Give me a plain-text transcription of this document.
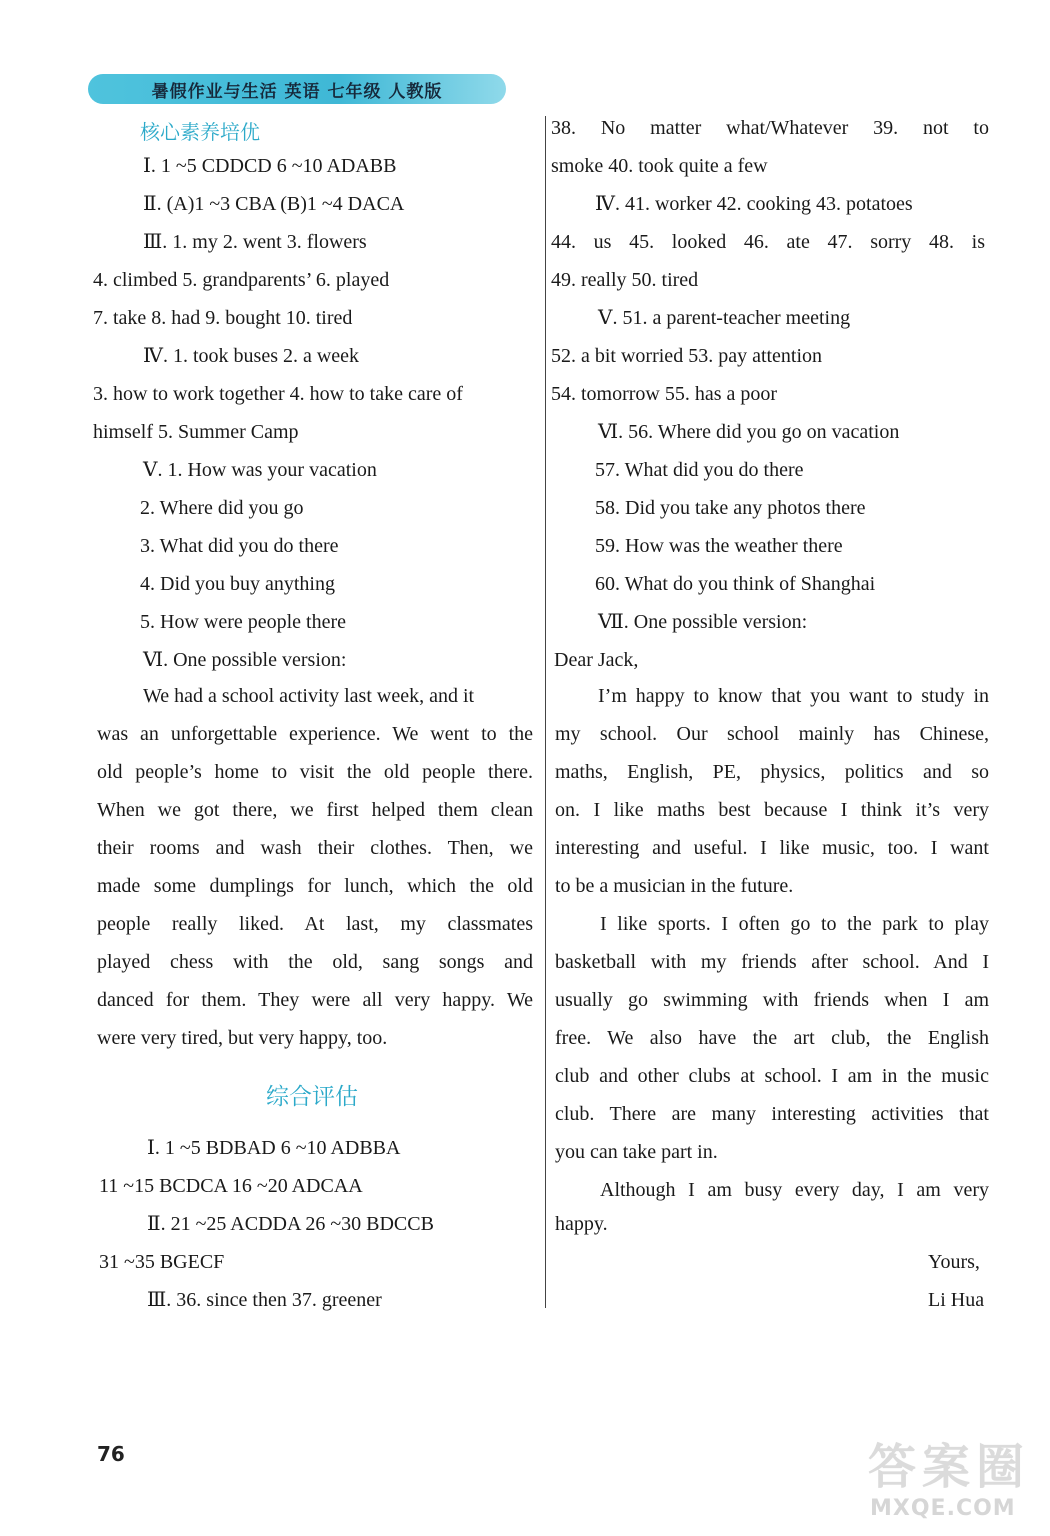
暑假作业与生活 英语 七年级 人教版
核心素养培优
Ⅰ. 1 ~5 CDDCD 6 ~10 ADABB
Ⅱ. (A)1 ~3 CBA (B)1 ~4 DACA
Ⅲ. 1. my 2. went 3. flowers
4. climbed 5. grandparents’ 6. played
7. take 8. had 9. bought 10. tired
Ⅳ. 1. took buses 2. a week
3. how to work together 4. how to take care of
himself 5. Summer Camp
Ⅴ. 1. How was your vacation
2. Where did you go
3. What did you do there
4. Did you buy anything
5. How were people there
Ⅵ. One possible version:
We had a school activity last week, and it
was an unforgettable experience. We went to the
old people’s home to visit the old people there.
When we got there, we first helped them clean
their rooms and wash their clothes. Then, we
made some dumplings for lunch, which the old
people really liked. At last, my classmates
played chess with the old, sang songs and
danced for them. They were all very happy. We
were very tired, but very happy, too.
综合评估
Ⅰ. 1 ~5 BDBAD 6 ~10 ADBBA
11 ~15 BCDCA 16 ~20 ADCAA
Ⅱ. 21 ~25 ACDDA 26 ~30 BDCCB
31 ~35 BGECF
Ⅲ. 36. since then 37. greener
38. No matter what/Whatever 39. not to
smoke 40. took quite a few
Ⅳ. 41. worker 42. cooking 43. potatoes
44. us 45. looked 46. ate 47. sorry 48. is
49. really 50. tired
Ⅴ. 51. a parent-teacher meeting
52. a bit worried 53. pay attention
54. tomorrow 55. has a poor
Ⅵ. 56. Where did you go on vacation
57. What did you do there
58. Did you take any photos there
59. How was the weather there
60. What do you think of Shanghai
Ⅶ. One possible version:
Dear Jack,
I’m happy to know that you want to study in
my school. Our school mainly has Chinese,
maths, English, PE, physics, politics and so
on. I like maths best because I think it’s very
interesting and useful. I like music, too. I want
to be a musician in the future.
I like sports. I often go to the park to play
basketball with my friends after school. And I
usually go swimming with friends when I am
free. We also have the art club, the English
club and other clubs at school. I am in the music
club. There are many interesting activities that
you can take part in.
Although I am busy every day, I am very
happy.
Yours,
Li Hua
76	答案圈
MXQE.COM
